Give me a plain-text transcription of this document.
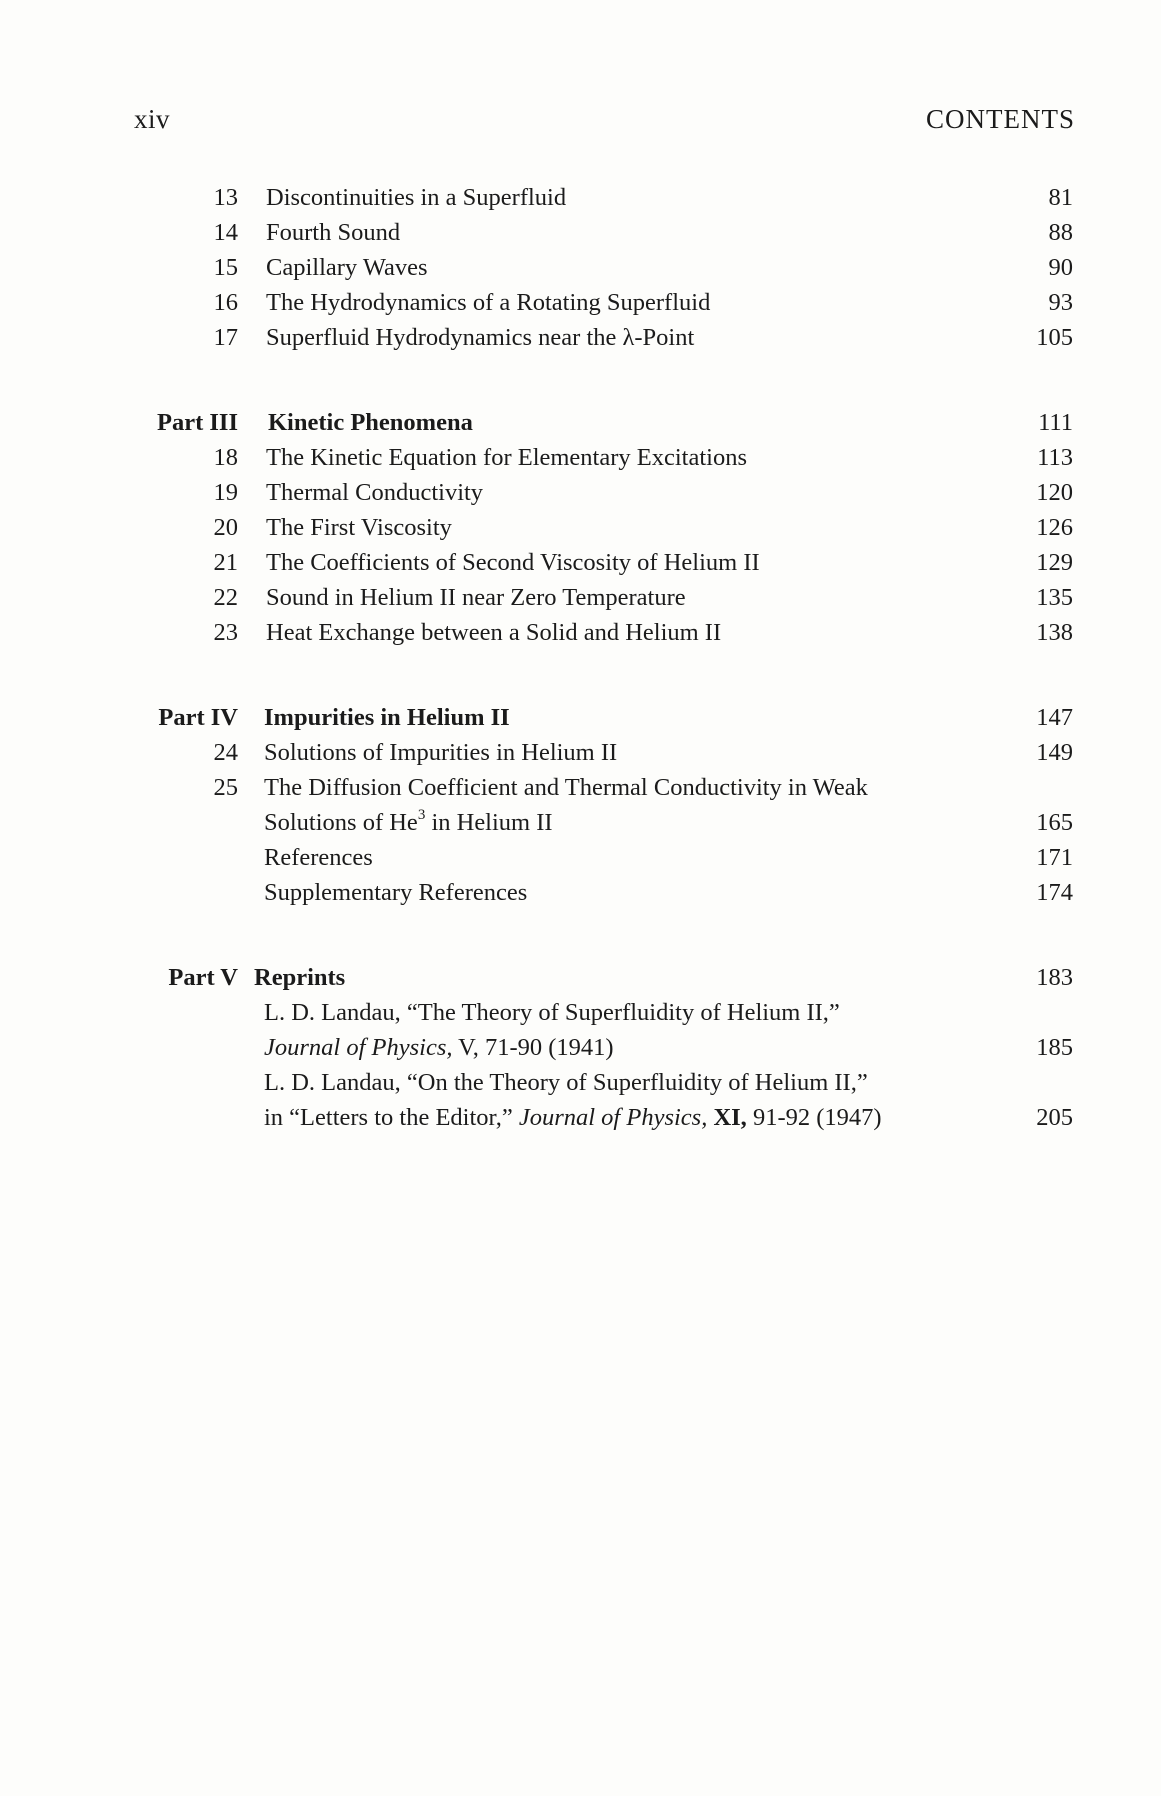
xiv	CONTENTS
13 Discontinuities in a Superfluid	81
14 Fourth Sound	88
15 Capillary Waves	90
16 The Hydrodynamics of a Rotating Superfluid	93
17 Superfluid Hydrodynamics near the λ-Point	105
Part III Kinetic Phenomena	111
18 The Kinetic Equation for Elementary Excitations	113
19 Thermal Conductivity	120
20 The First Viscosity	126
21 The Coefficients of Second Viscosity of Helium II	129
22 Sound in Helium II near Zero Temperature	135
23 Heat Exchange between a Solid and Helium II	138
Part IV Impurities in Helium II	147
24 Solutions of Impurities in Helium II	149
25 The Diffusion Coefficient and Thermal Conductivity in Weak
Solutions of He$^3$ in Helium II	165
References	171
Supplementary References	174
Part V Reprints	183
L. D. Landau, “The Theory of Superfluidity of Helium II,”
Journal of Physics, V, 71-90 (1941)	185
L. D. Landau, “On the Theory of Superfluidity of Helium II,”
in “Letters to the Editor,” Journal of Physics, XI, 91-92 (1947)	205
